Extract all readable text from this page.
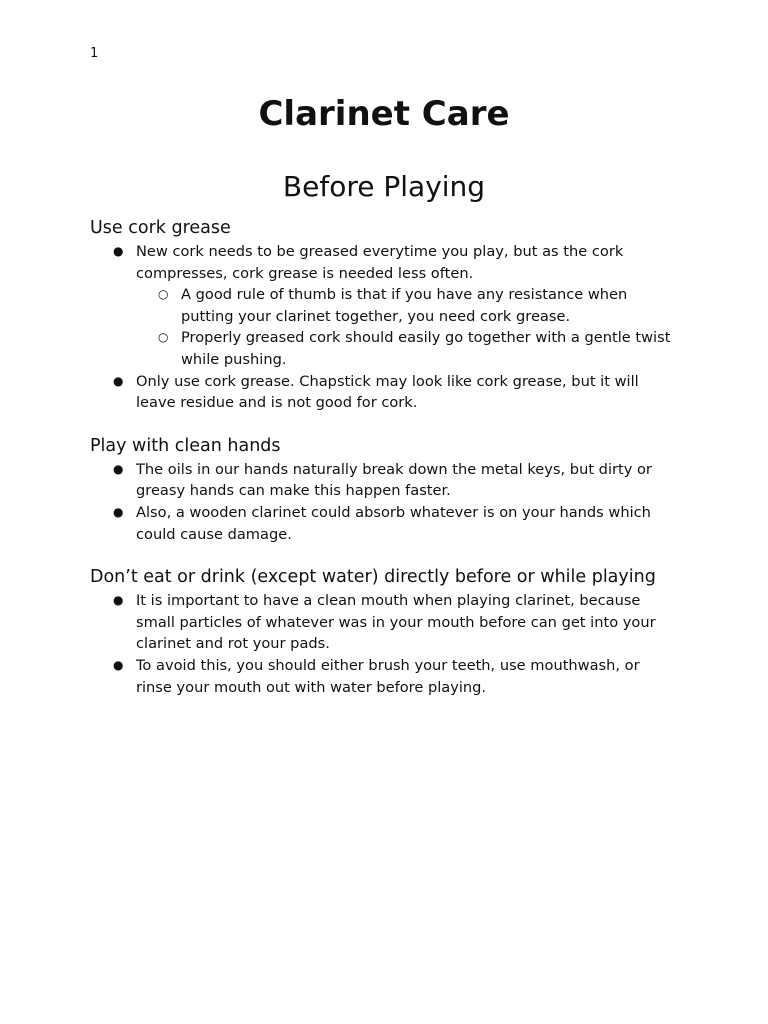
1
Clarinet Care
Before Playing
Use cork grease
● New cork needs to be greased everytime you play, but as the cork compresses, cork grease is needed less often.
○ A good rule of thumb is that if you have any resistance when putting your clarinet together, you need cork grease.
○ Properly greased cork should easily go together with a gentle twist while pushing.
● Only use cork grease. Chapstick may look like cork grease, but it will leave residue and is not good for cork.
Play with clean hands
● The oils in our hands naturally break down the metal keys, but dirty or greasy hands can make this happen faster.
● Also, a wooden clarinet could absorb whatever is on your hands which could cause damage.
Don’t eat or drink (except water) directly before or while playing
● It is important to have a clean mouth when playing clarinet, because small particles of whatever was in your mouth before can get into your clarinet and rot your pads.
● To avoid this, you should either brush your teeth, use mouthwash, or rinse your mouth out with water before playing.
